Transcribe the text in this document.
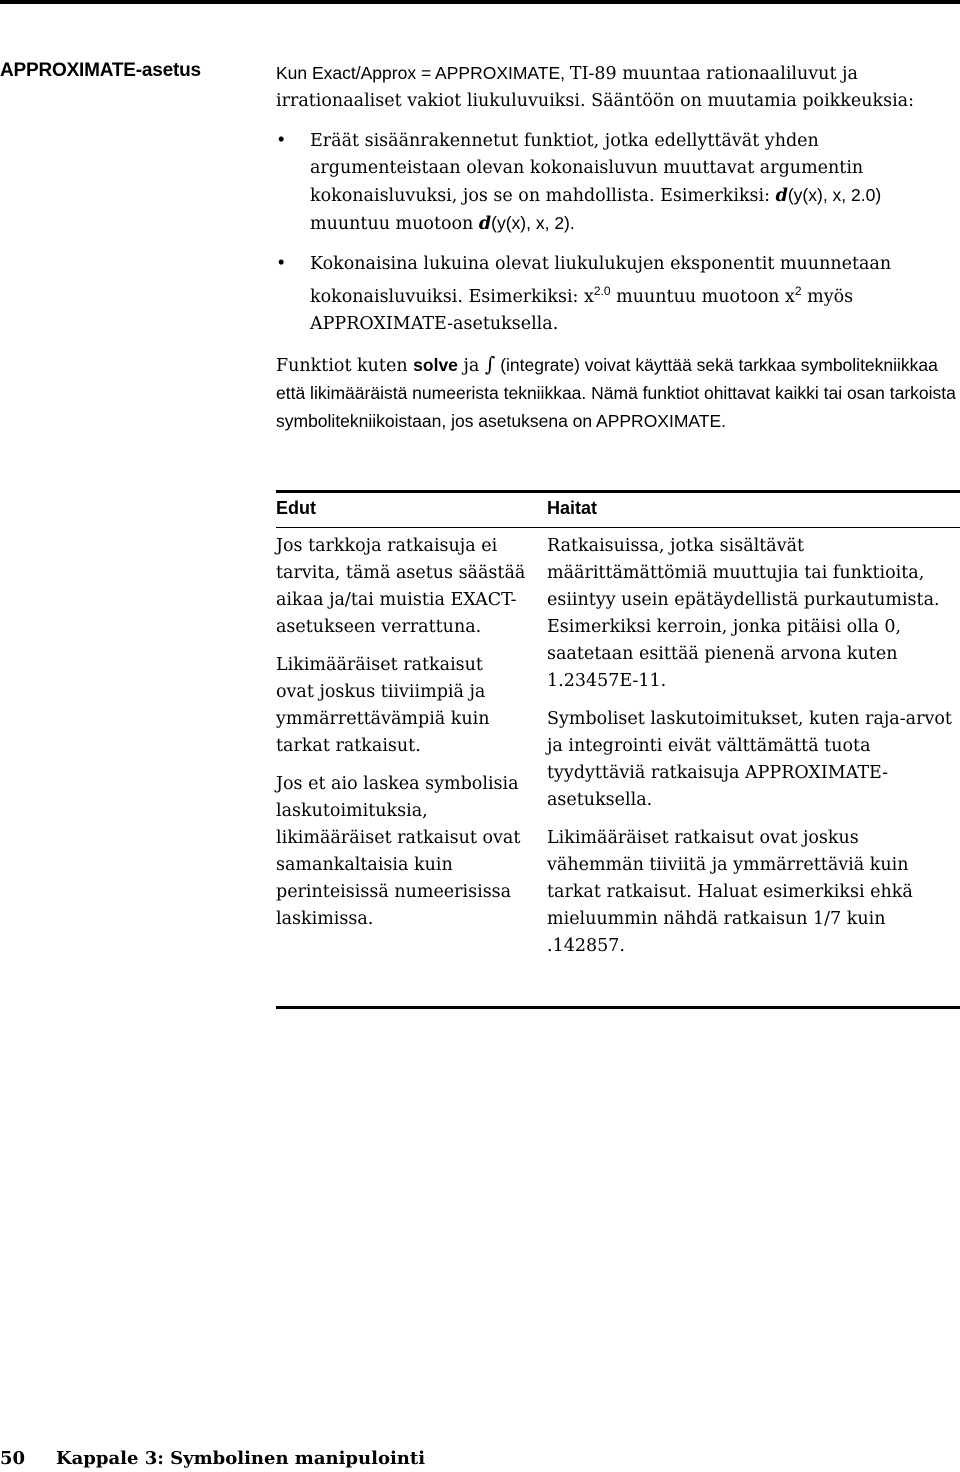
APPROXIMATE-asetus	Kun Exact/Approx = APPROXIMATE, TI-89 muuntaa rationaaliluvut ja irrationaaliset vakiot liukuluvuiksi. Sääntöön on muutamia poikkeuksia:

• Eräät sisäänrakennetut funktiot, jotka edellyttävät yhden argumenteistaan olevan kokonaisluvun muuttavat argumentin kokonaisluvuksi, jos se on mahdollista. Esimerkiksi: d(y(x), x, 2.0) muuntuu muotoon d(y(x), x, 2).
• Kokonaisina lukuina olevat liukulukujen eksponentit muunnetaan kokonaisluvuiksi. Esimerkiksi: $x^{2.0}$ muuntuu muotoon $x^2$ myös APPROXIMATE-asetuksella.

Funktiot kuten solve ja ∫ (integrate) voivat käyttää sekä tarkkaa symbolitekniikkaa että likimääräistä numeerista tekniikkaa. Nämä funktiot ohittavat kaikki tai osan tarkoista symbolitekniikoistaan, jos asetuksena on APPROXIMATE.

Edut	Haitat

Jos tarkkoja ratkaisuja ei tarvita, tämä asetus säästää aikaa ja/tai muistia EXACT-asetukseen verrattuna.

Likimääräiset ratkaisut ovat joskus tiiviimpiä ja ymmärrettävämpiä kuin tarkat ratkaisut.

Jos et aio laskea symbolisia laskutoimituksia, likimääräiset ratkaisut ovat samankaltaisia kuin perinteisissä numeerisissa laskimissa.

Ratkaisuissa, jotka sisältävät määrittämättömiä muuttujia tai funktioita, esiintyy usein epätäydellistä purkautumista. Esimerkiksi kerroin, jonka pitäisi olla 0, saatetaan esittää pienenä arvona kuten 1.23457E-11.

Symboliset laskutoimitukset, kuten raja-arvot ja integrointi eivät välttämättä tuota tyydyttäviä ratkaisuja APPROXIMATE-asetuksella.

Likimääräiset ratkaisut ovat joskus vähemmän tiiviitä ja ymmärrettäviä kuin tarkat ratkaisut. Haluat esimerkiksi ehkä mieluummin nähdä ratkaisun 1/7 kuin .142857.

50 Kappale 3: Symbolinen manipulointi
